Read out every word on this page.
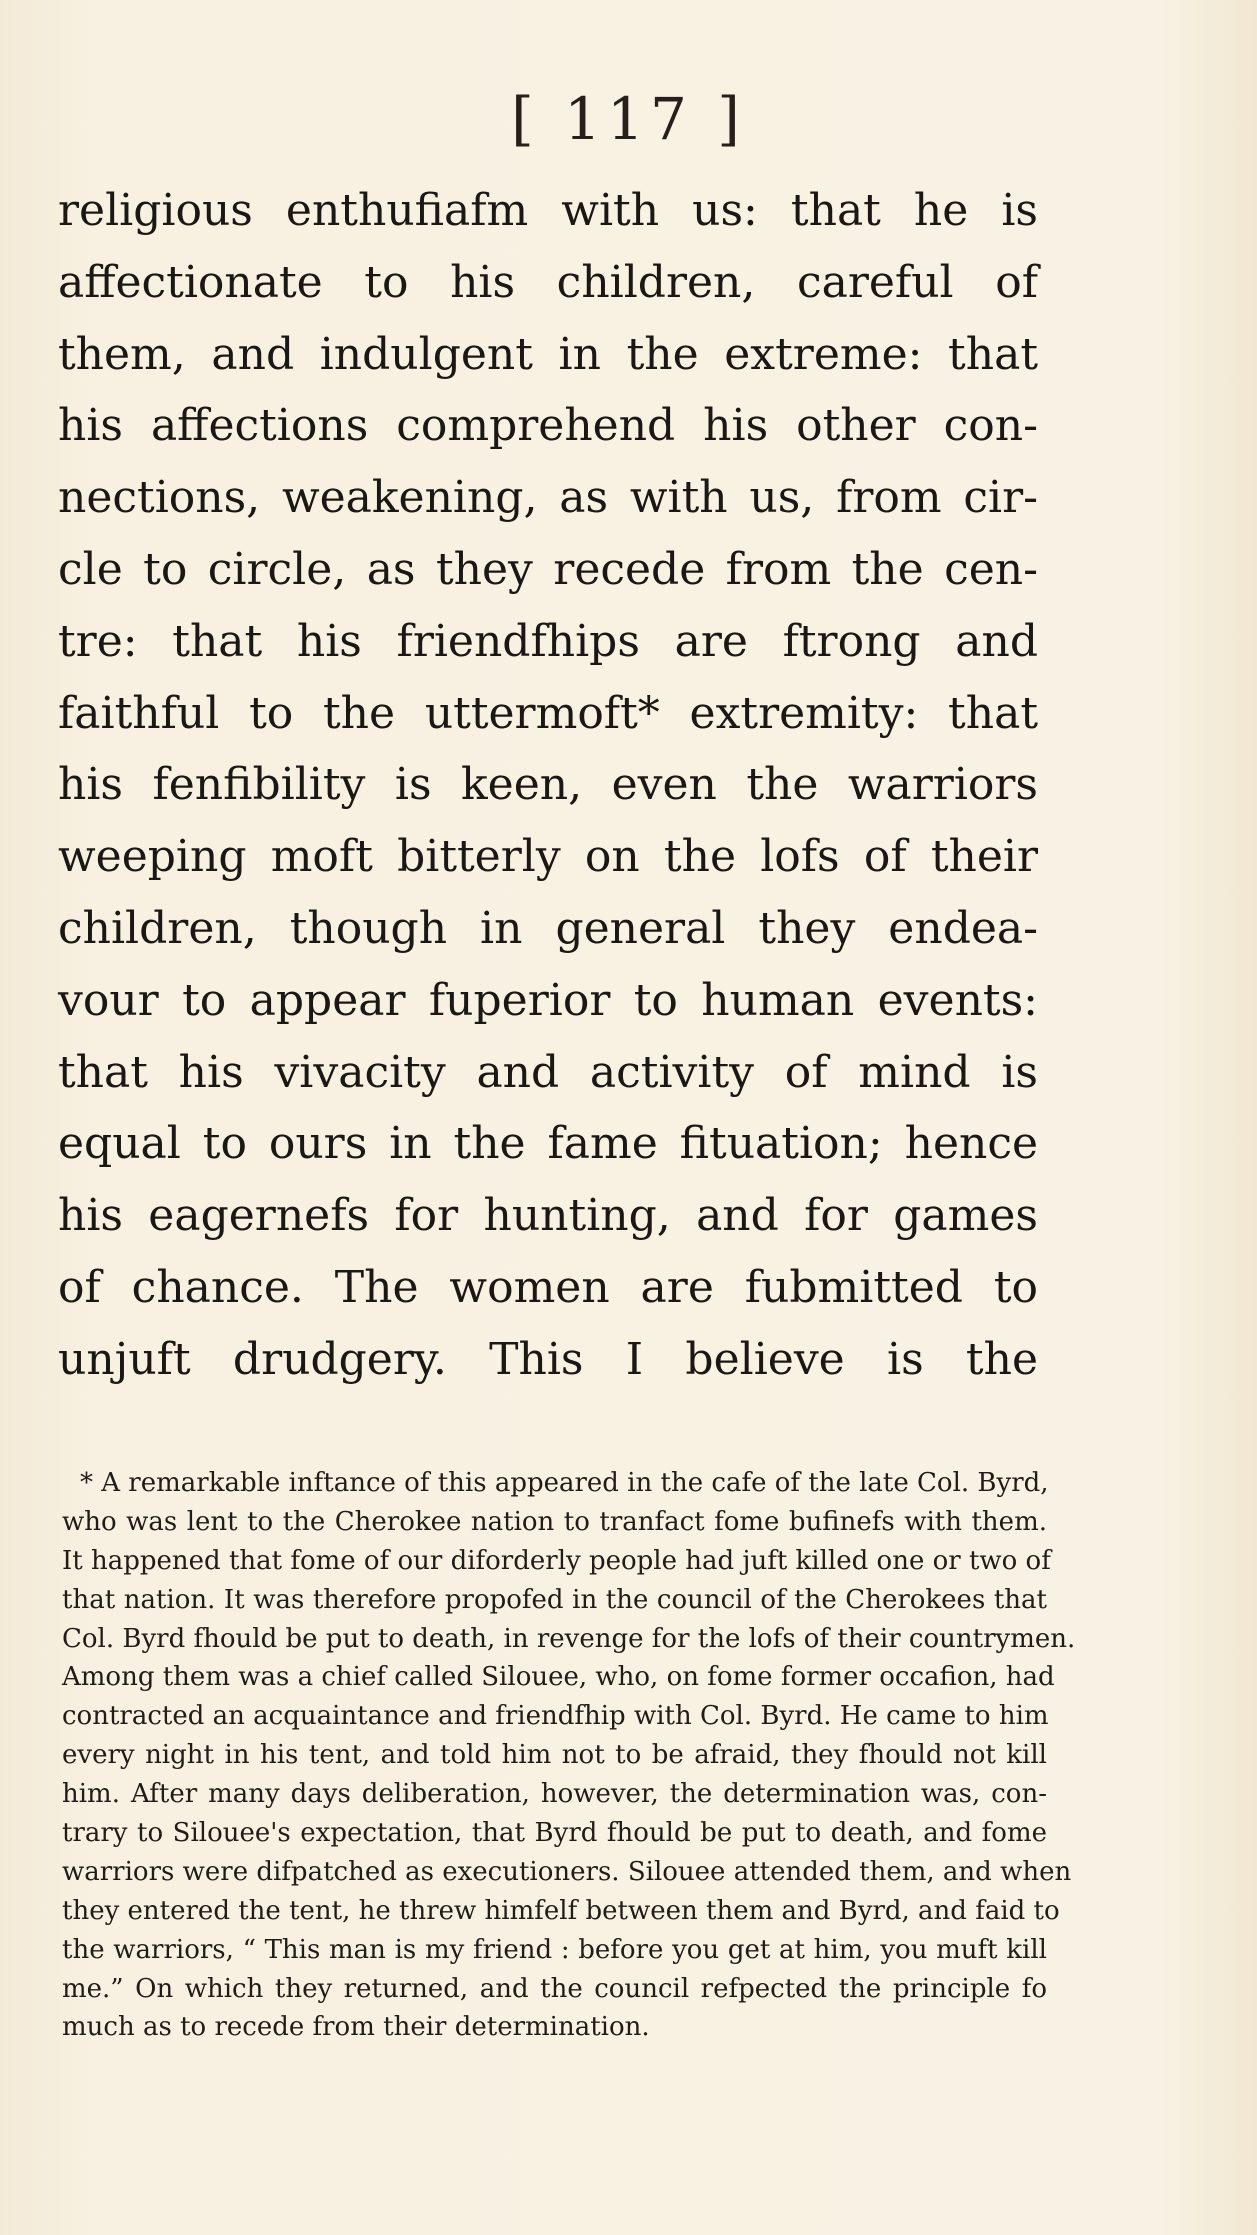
[ 117 ]
religious enthufiafm with us: that he is
affectionate to his children, careful of
them, and indulgent in the extreme: that
his affections comprehend his other con-
nections, weakening, as with us, from cir-
cle to circle, as they recede from the cen-
tre: that his friendfhips are ftrong and
faithful to the uttermoft* extremity: that
his fenfibility is keen, even the warriors
weeping moft bitterly on the lofs of their
children, though in general they endea-
vour to appear fuperior to human events:
that his vivacity and activity of mind is
equal to ours in the fame fituation; hence
his eagernefs for hunting, and for games
of chance. The women are fubmitted to
unjuft drudgery. This I believe is the
* A remarkable inftance of this appeared in the cafe of the late Col. Byrd,
who was lent to the Cherokee nation to tranfact fome bufinefs with them.
It happened that fome of our diforderly people had juft killed one or two of
that nation. It was therefore propofed in the council of the Cherokees that
Col. Byrd fhould be put to death, in revenge for the lofs of their countrymen.
Among them was a chief called Silouee, who, on fome former occafion, had
contracted an acquaintance and friendfhip with Col. Byrd. He came to him
every night in his tent, and told him not to be afraid, they fhould not kill
him. After many days deliberation, however, the determination was, con-
trary to Silouee's expectation, that Byrd fhould be put to death, and fome
warriors were difpatched as executioners. Silouee attended them, and when
they entered the tent, he threw himfelf between them and Byrd, and faid to
the warriors, “ This man is my friend : before you get at him, you muft kill
me.” On which they returned, and the council refpected the principle fo
much as to recede from their determination.
